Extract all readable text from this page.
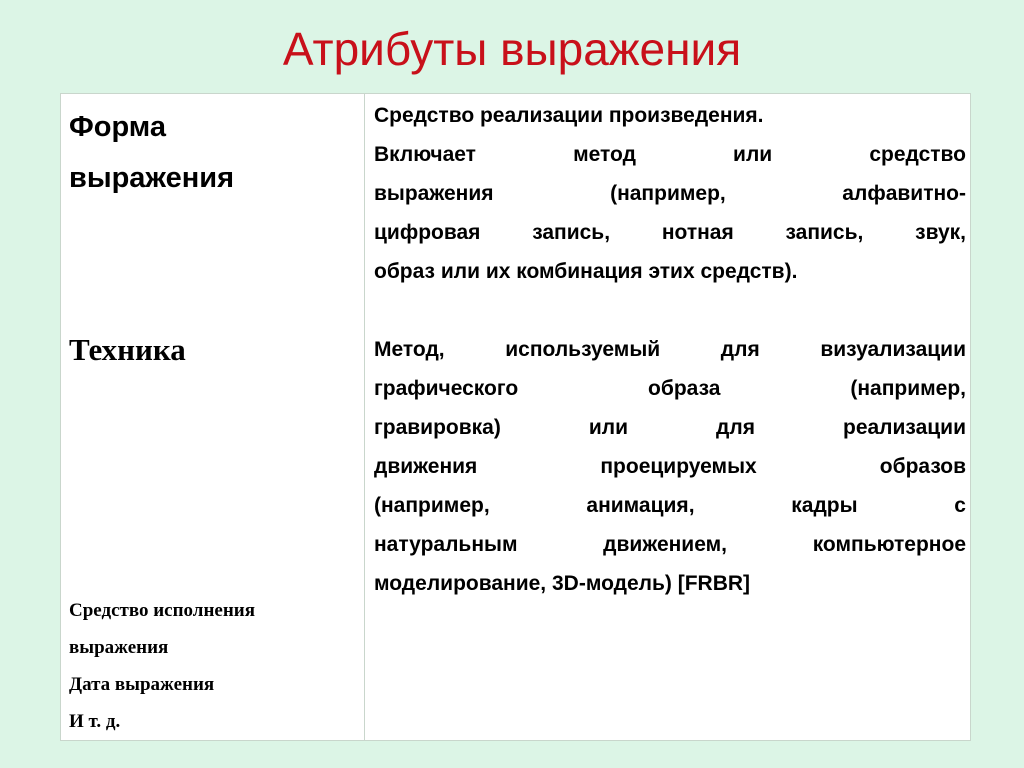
Атрибуты выражения
Форма
выражения
Техника
Средство исполнения
выражения
Дата выражения
И т. д.
Средство реализации произведения.
Включает метод или средство
выражения (например, алфавитно-
цифровая запись, нотная запись, звук,
образ или их комбинация этих средств).
Метод, используемый для визуализации
графического образа (например,
гравировка) или для реализации
движения проецируемых образов
(например, анимация, кадры с
натуральным движением, компьютерное
моделирование, 3D-модель) [FRBR]
